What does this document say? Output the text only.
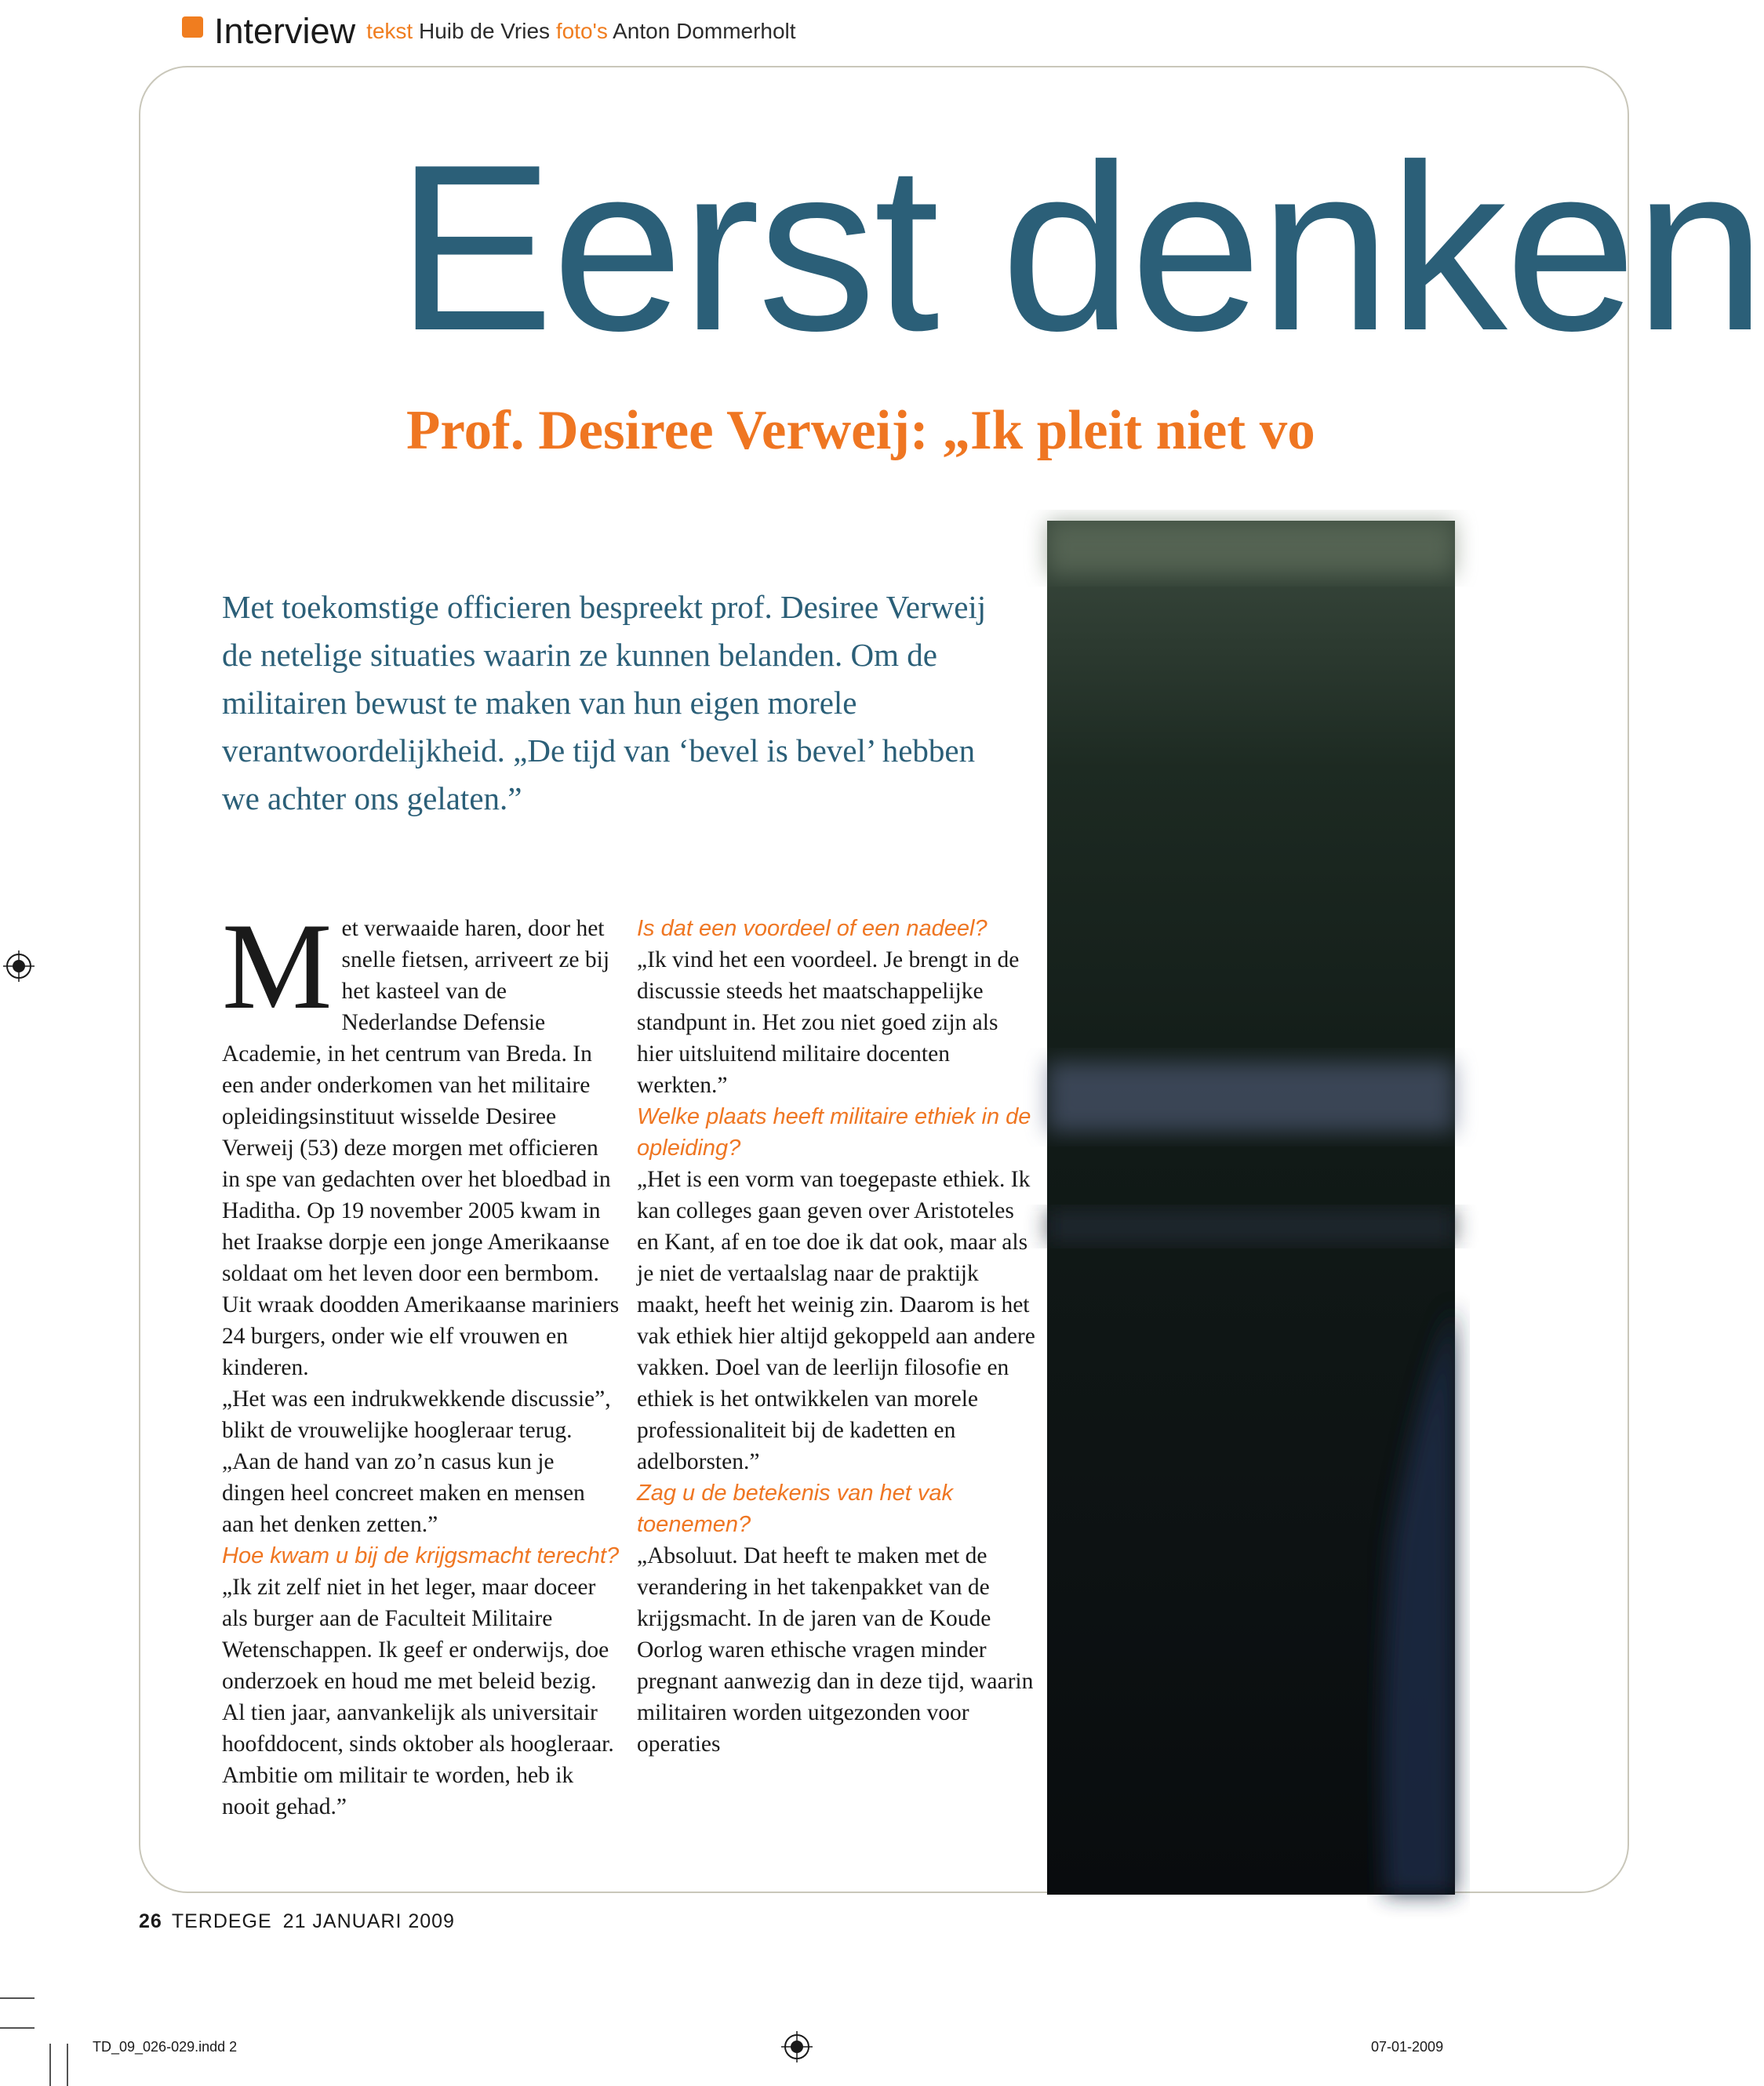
Interview tekst Huib de Vries foto's Anton Dommerholt
Eerst denken
Prof. Desiree Verweij: „Ik pleit niet vo
Met toekomstige officieren bespreekt prof. Desiree Verweij de netelige situaties waarin ze kunnen belanden. Om de militairen bewust te maken van hun eigen morele verantwoordelijkheid. „De tijd van ‘bevel is bevel’ hebben we achter ons gelaten.”

Met verwaaide haren, door het snelle fietsen, arriveert ze bij het kasteel van de Nederlandse Defensie Academie, in het centrum van Breda. In een ander onderkomen van het militaire opleidingsinstituut wisselde Desiree Verweij (53) deze morgen met officieren in spe van gedachten over het bloedbad in Haditha. Op 19 november 2005 kwam in het Iraakse dorpje een jonge Amerikaanse soldaat om het leven door een bermbom. Uit wraak doodden Amerikaanse mariniers 24 burgers, onder wie elf vrouwen en kinderen.

„Het was een indrukwekkende discussie”, blikt de vrouwelijke hoogleraar terug. „Aan de hand van zo’n casus kun je dingen heel concreet maken en mensen aan het denken zetten.”

Hoe kwam u bij de krijgsmacht terecht?

„Ik zit zelf niet in het leger, maar doceer als burger aan de Faculteit Militaire Wetenschappen. Ik geef er onderwijs, doe onderzoek en houd me met beleid bezig. Al tien jaar, aanvankelijk als universitair hoofddocent, sinds oktober als hoogleraar. Ambitie om militair te worden, heb ik nooit gehad.”

Is dat een voordeel of een nadeel?

„Ik vind het een voordeel. Je brengt in de discussie steeds het maatschappelijke standpunt in. Het zou niet goed zijn als hier uitsluitend militaire docenten werkten.”

Welke plaats heeft militaire ethiek in de opleiding?

„Het is een vorm van toegepaste ethiek. Ik kan colleges gaan geven over Aristoteles en Kant, af en toe doe ik dat ook, maar als je niet de vertaalslag naar de praktijk maakt, heeft het weinig zin. Daarom is het vak ethiek hier altijd gekoppeld aan andere vakken. Doel van de leerlijn filosofie en ethiek is het ontwikkelen van morele professionaliteit bij de kadetten en adelborsten.”

Zag u de betekenis van het vak toenemen?

„Absoluut. Dat heeft te maken met de verandering in het takenpakket van de krijgsmacht. In de jaren van de Koude Oorlog waren ethische vragen minder pregnant aanwezig dan in deze tijd, waarin militairen worden uitgezonden voor operaties

26 TERDEGE 21 JANUARI 2009
TD_09_026-029.indd 2	07-01-2009
